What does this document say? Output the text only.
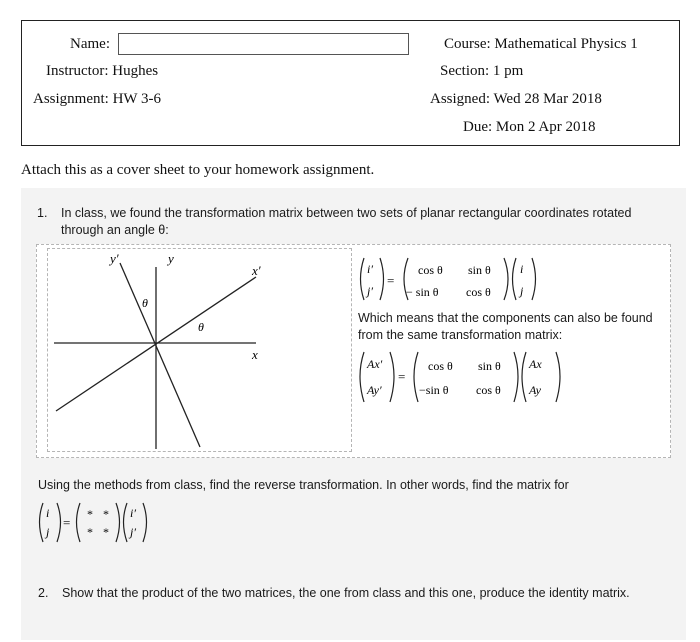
Name:
Instructor: Hughes
Assignment: HW 3-6
Course: Mathematical Physics 1
Section: 1 pm
Assigned: Wed 28 Mar 2018
Due: Mon 2 Apr 2018
Attach this as a cover sheet to your homework assignment.
1.	In class, we found the transformation matrix between two sets of planar rectangular coordinates rotated through an angle θ:
y′	y
x′
x
θ
θ
i′
j′
=
cos θ sin θ
− sin θ cos θ
i
j
Which means that the components can also be found from the same transformation matrix:
Ax′
Ay′
=
cos θ sin θ
−sin θ cos θ
Ax
Ay
Using the methods from class, find the reverse transformation. In other words, find the matrix for
i
j
=
* *
* *
i′
j′
2.	Show that the product of the two matrices, the one from class and this one, produce the identity matrix.
